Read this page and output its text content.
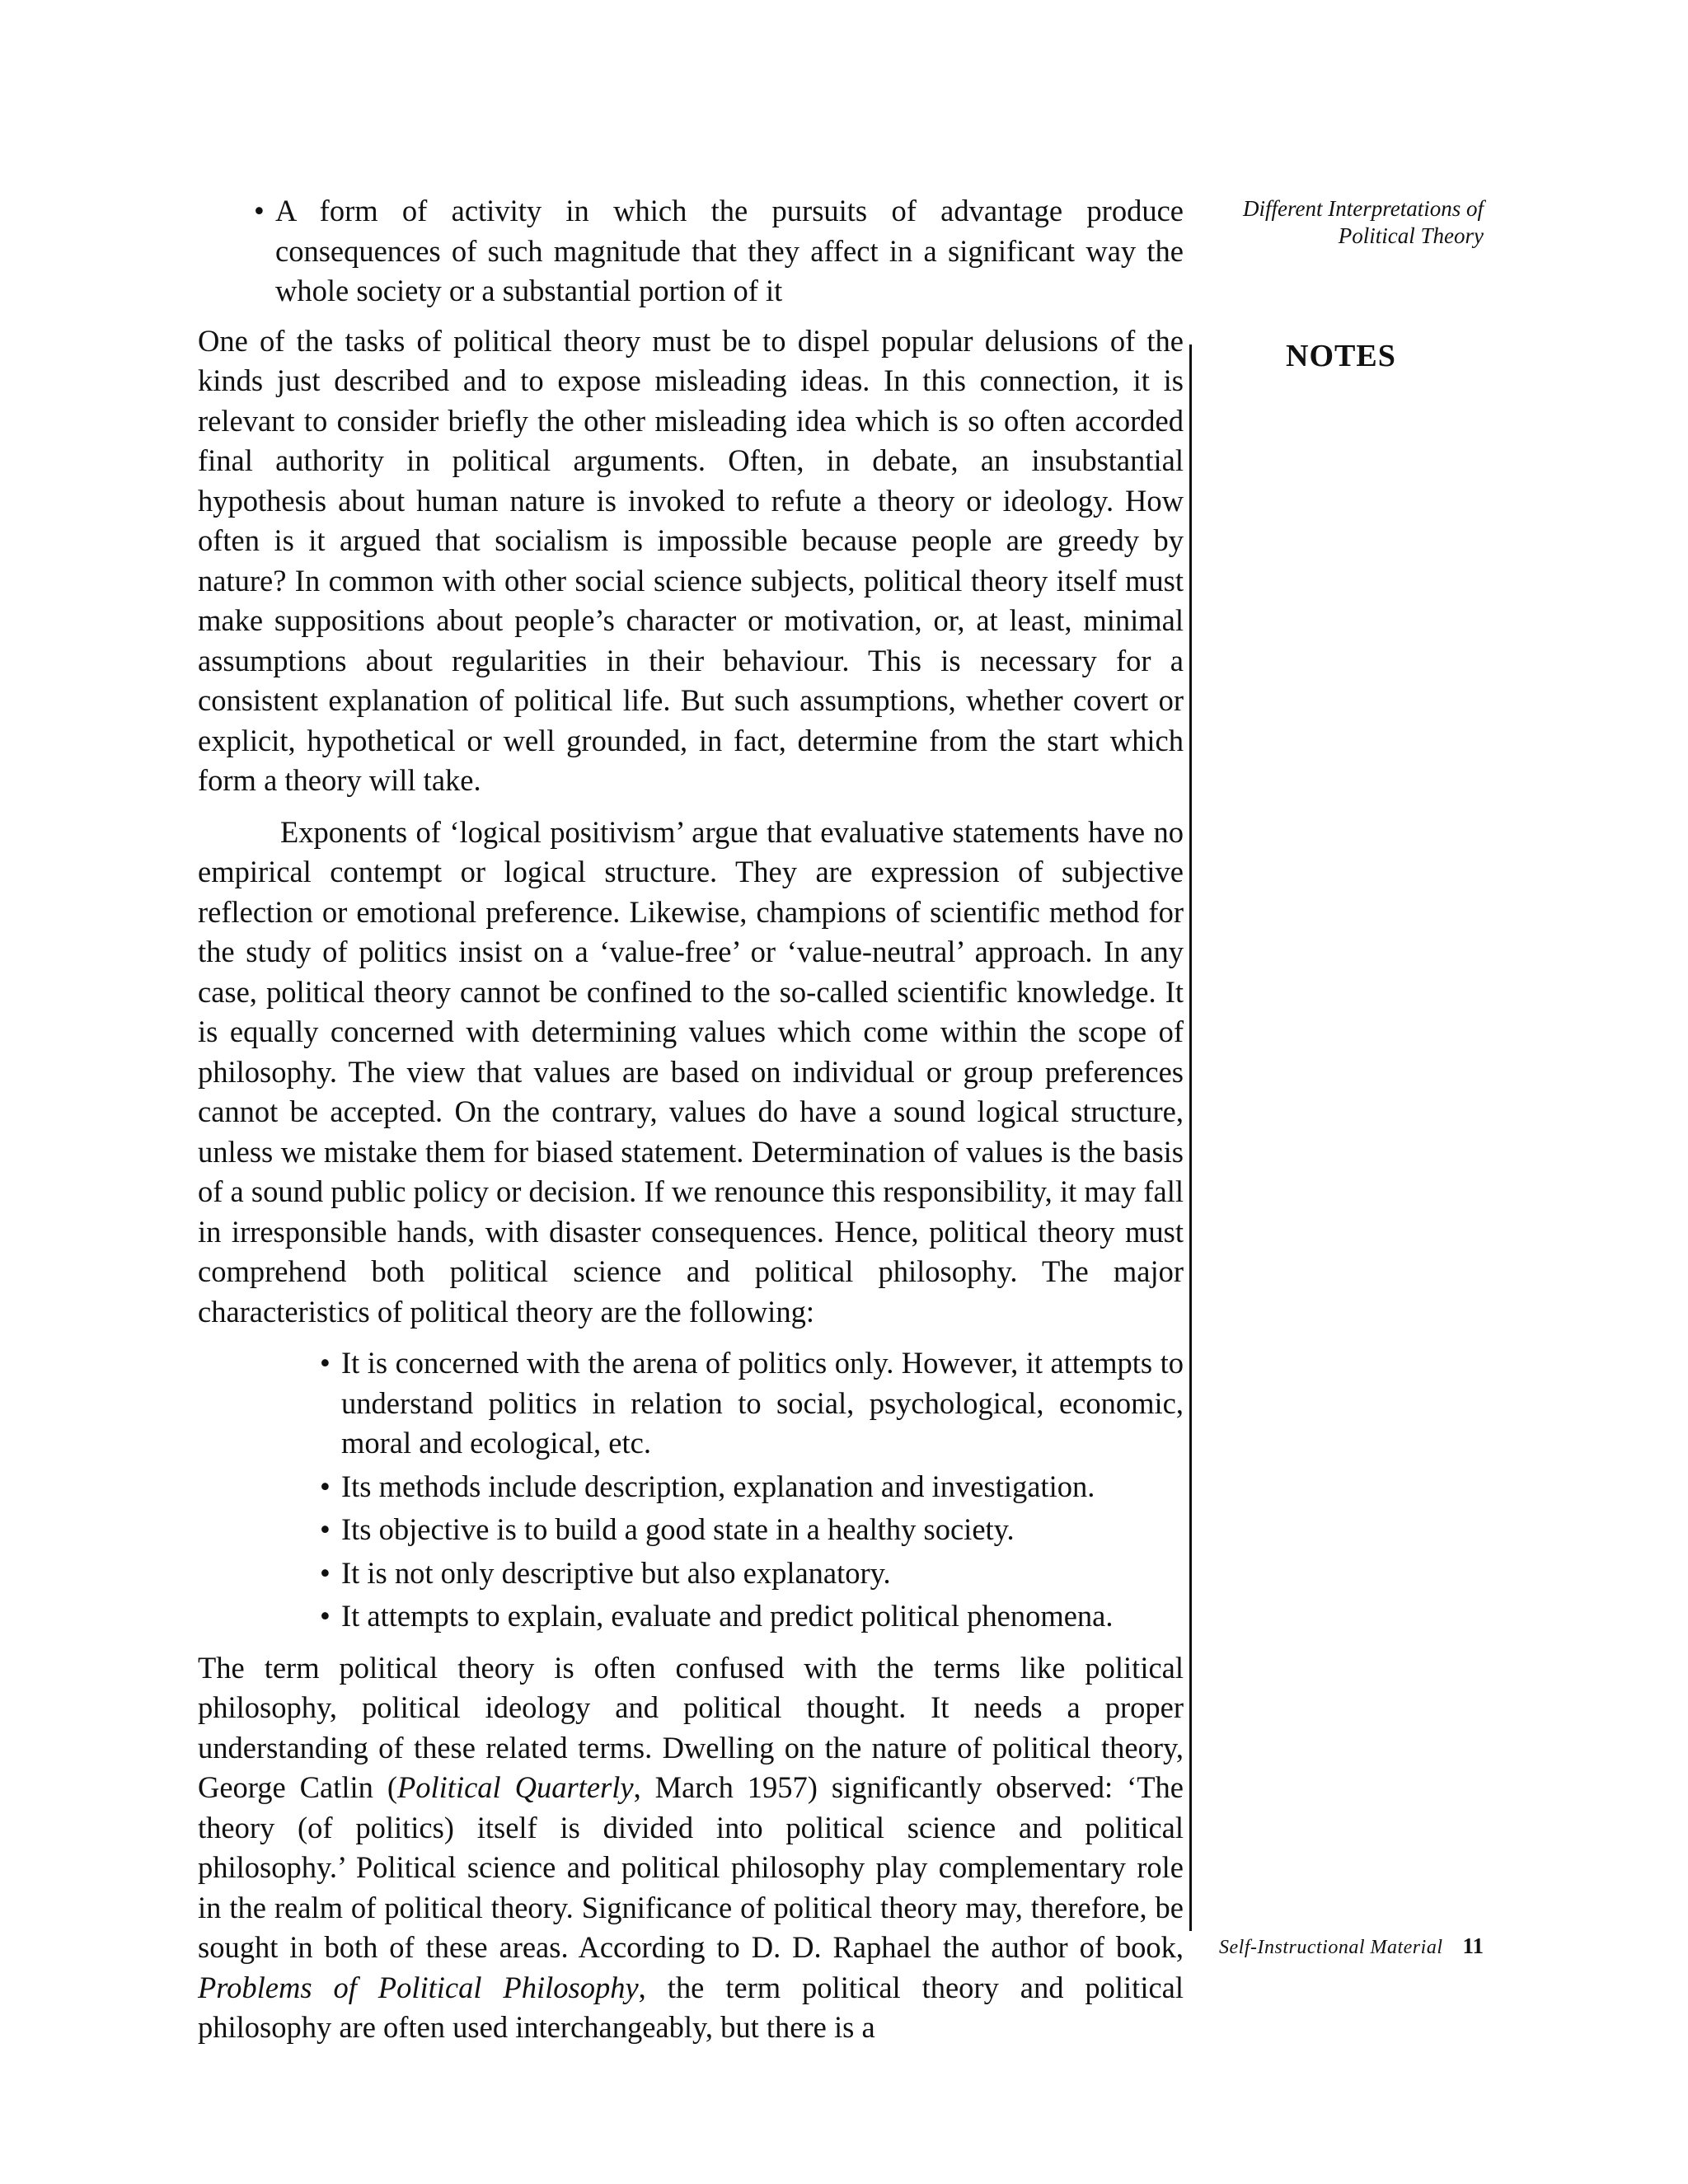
Different Interpretations of
Political Theory
NOTES
• A form of activity in which the pursuits of advantage produce consequences of such magnitude that they affect in a significant way the whole society or a substantial portion of it

One of the tasks of political theory must be to dispel popular delusions of the kinds just described and to expose misleading ideas. In this connection, it is relevant to consider briefly the other misleading idea which is so often accorded final authority in political arguments. Often, in debate, an insubstantial hypothesis about human nature is invoked to refute a theory or ideology. How often is it argued that socialism is impossible because people are greedy by nature? In common with other social science subjects, political theory itself must make suppositions about people’s character or motivation, or, at least, minimal assumptions about regularities in their behaviour. This is necessary for a consistent explanation of political life. But such assumptions, whether covert or explicit, hypothetical or well grounded, in fact, determine from the start which form a theory will take.

Exponents of ‘logical positivism’ argue that evaluative statements have no empirical contempt or logical structure. They are expression of subjective reflection or emotional preference. Likewise, champions of scientific method for the study of politics insist on a ‘value-free’ or ‘value-neutral’ approach. In any case, political theory cannot be confined to the so-called scientific knowledge. It is equally concerned with determining values which come within the scope of philosophy. The view that values are based on individual or group preferences cannot be accepted. On the contrary, values do have a sound logical structure, unless we mistake them for biased statement. Determination of values is the basis of a sound public policy or decision. If we renounce this responsibility, it may fall in irresponsible hands, with disaster consequences. Hence, political theory must comprehend both political science and political philosophy. The major characteristics of political theory are the following:

• It is concerned with the arena of politics only. However, it attempts to understand politics in relation to social, psychological, economic, moral and ecological, etc.
• Its methods include description, explanation and investigation.
• Its objective is to build a good state in a healthy society.
• It is not only descriptive but also explanatory.
• It attempts to explain, evaluate and predict political phenomena.

The term political theory is often confused with the terms like political philosophy, political ideology and political thought. It needs a proper understanding of these related terms. Dwelling on the nature of political theory, George Catlin (Political Quarterly, March 1957) significantly observed: ‘The theory (of politics) itself is divided into political science and political philosophy.’ Political science and political philosophy play complementary role in the realm of political theory. Significance of political theory may, therefore, be sought in both of these areas. According to D. D. Raphael the author of book, Problems of Political Philosophy, the term political theory and political philosophy are often used interchangeably, but there is a

Self-Instructional Material 11
